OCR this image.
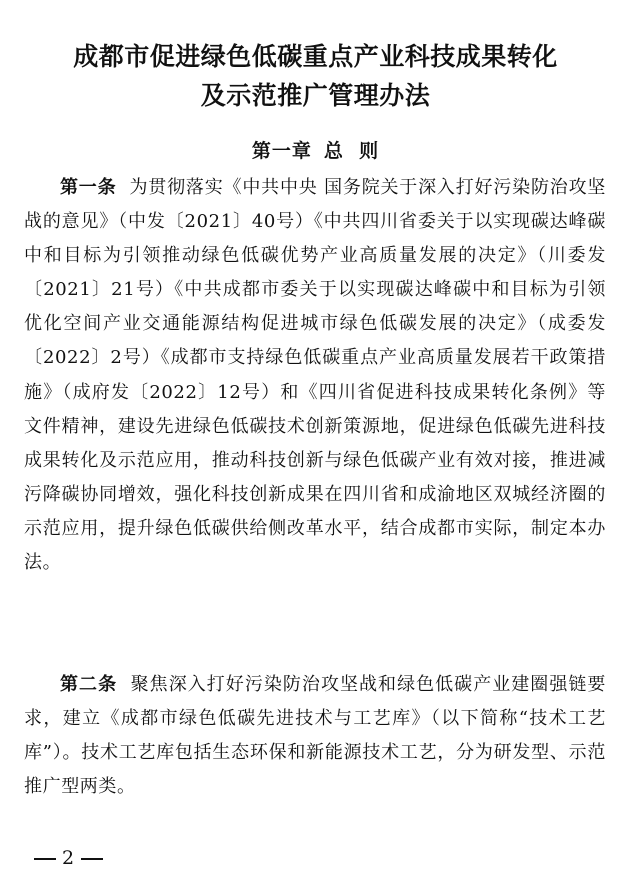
成都市促进绿色低碳重点产业科技成果转化
及示范推广管理办法
第一章 总  则

第一条 为贯彻落实《中共中央 国务院关于深入打好污染防治攻坚战的意见》（中发〔2021〕40号）《中共四川省委关于以实现碳达峰碳中和目标为引领推动绿色低碳优势产业高质量发展的决定》（川委发〔2021〕21号）《中共成都市委关于以实现碳达峰碳中和目标为引领优化空间产业交通能源结构促进城市绿色低碳发展的决定》（成委发〔2022〕2号）《成都市支持绿色低碳重点产业高质量发展若干政策措施》（成府发〔2022〕12号）和《四川省促进科技成果转化条例》等文件精神，建设先进绿色低碳技术创新策源地，促进绿色低碳先进科技成果转化及示范应用，推动科技创新与绿色低碳产业有效对接，推进减污降碳协同增效，强化科技创新成果在四川省和成渝地区双城经济圈的示范应用，提升绿色低碳供给侧改革水平，结合成都市实际，制定本办法。

第二条 聚焦深入打好污染防治攻坚战和绿色低碳产业建圈强链要求，建立《成都市绿色低碳先进技术与工艺库》（以下简称“技术工艺库”）。技术工艺库包括生态环保和新能源技术工艺，分为研发型、示范推广型两类。

2
